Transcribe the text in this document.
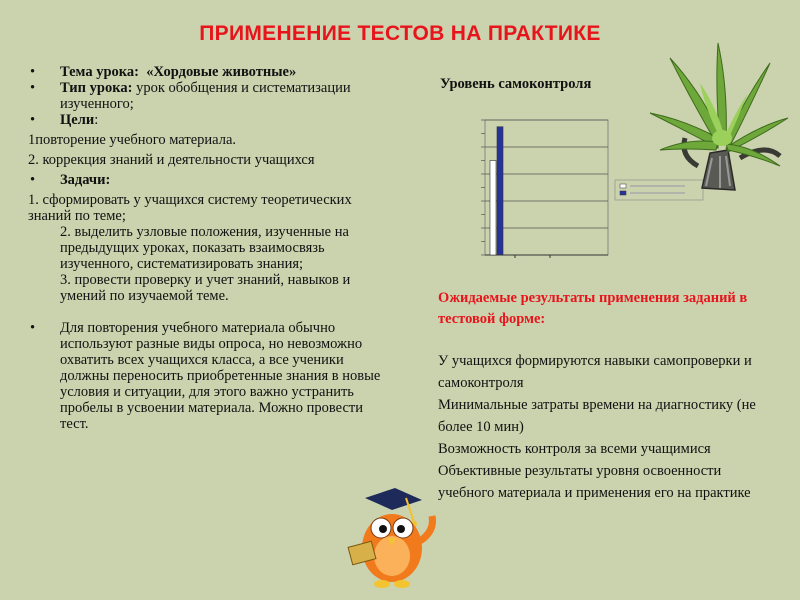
ПРИМЕНЕНИЕ ТЕСТОВ НА ПРАКТИКЕ
• Тема урока: «Хордовые животные»
• Тип урока: урок обобщения и систематизации изученного;
• Цели:
1повторение учебного материала.
2. коррекция знаний и деятельности учащихся
• Задачи:
1. сформировать у учащихся систему теоретических знаний по теме;
2. выделить узловые положения, изученные на предыдущих уроках, показать взаимосвязь изученного, систематизировать знания;
3. провести проверку и учет знаний, навыков и умений по изучаемой теме.
• Для повторения учебного материала обычно используют разные виды опроса, но невозможно охватить всех учащихся класса, а все ученики должны переносить приобретенные знания в новые условия и ситуации, для этого важно устранить пробелы в усвоении материала. Можно провести тест.
Уровень самоконтроля
Ожидаемые результаты применения заданий в тестовой форме:
У учащихся формируются навыки самопроверки и самоконтроля
Минимальные затраты времени на диагностику (не более 10 мин)
Возможность контроля за всеми учащимися
Объективные результаты уровня освоенности учебного материала и применения его на практике
